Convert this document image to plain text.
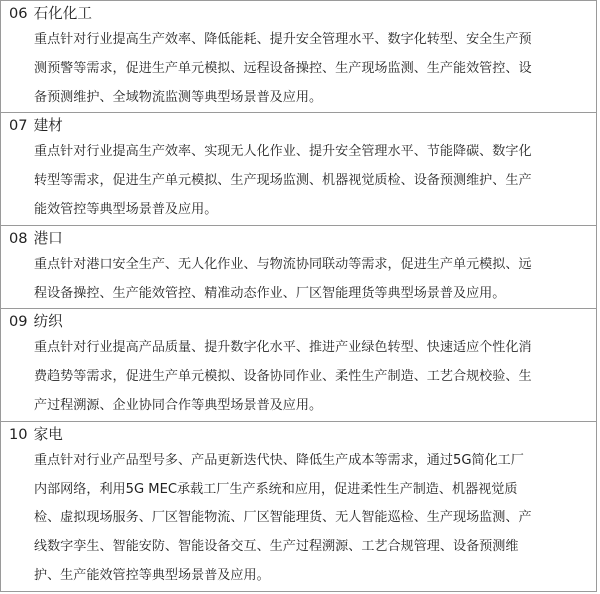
06 石化化工
重点针对行业提高生产效率、降低能耗、提升安全管理水平、数字化转型、安全生产预
测预警等需求，促进生产单元模拟、远程设备操控、生产现场监测、生产能效管控、设
备预测维护、全域物流监测等典型场景普及应用。
07 建材
重点针对行业提高生产效率、实现无人化作业、提升安全管理水平、节能降碳、数字化
转型等需求，促进生产单元模拟、生产现场监测、机器视觉质检、设备预测维护、生产
能效管控等典型场景普及应用。
08 港口
重点针对港口安全生产、无人化作业、与物流协同联动等需求，促进生产单元模拟、远
程设备操控、生产能效管控、精准动态作业、厂区智能理货等典型场景普及应用。
09 纺织
重点针对行业提高产品质量、提升数字化水平、推进产业绿色转型、快速适应个性化消
费趋势等需求，促进生产单元模拟、设备协同作业、柔性生产制造、工艺合规校验、生
产过程溯源、企业协同合作等典型场景普及应用。
10 家电
重点针对行业产品型号多、产品更新迭代快、降低生产成本等需求，通过5G简化工厂
内部网络，利用5G MEC承载工厂生产系统和应用，促进柔性生产制造、机器视觉质
检、虚拟现场服务、厂区智能物流、厂区智能理货、无人智能巡检、生产现场监测、产
线数字孪生、智能安防、智能设备交互、生产过程溯源、工艺合规管理、设备预测维
护、生产能效管控等典型场景普及应用。
